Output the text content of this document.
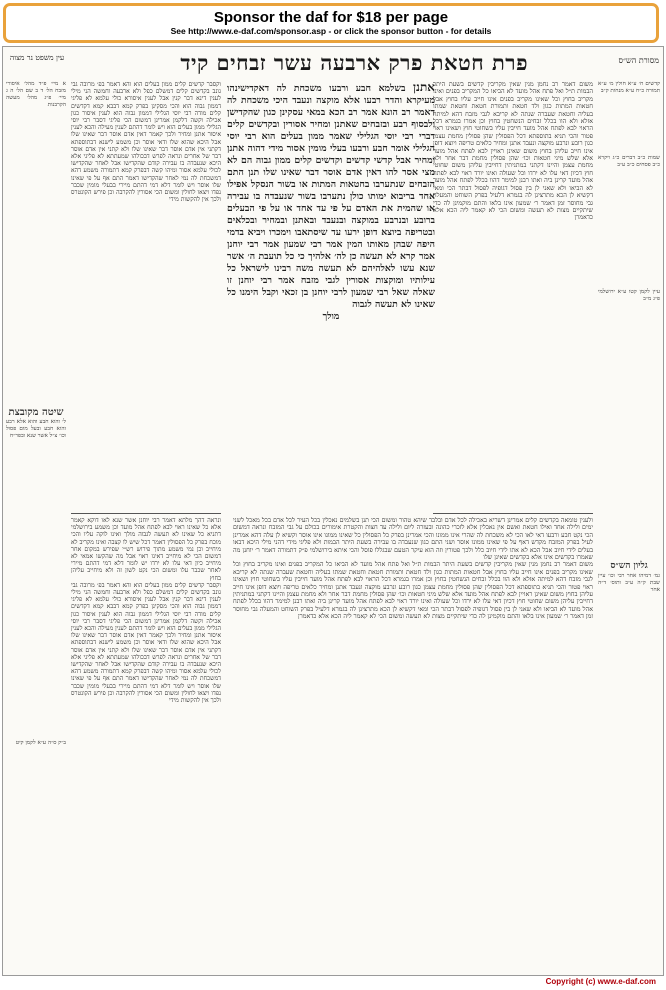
Sponsor the daf for $18 per page
See http://www.e-daf.com/sponsor.asp - or click the sponsor button - for details
מסורת הש״ס
פרת חטאת פרק ארבעה עשר זבחים קיד
עין משפט נר מצוה

קדשים ח׳ ע״א חולין מ׳ ע״א תמורה כ״ח ע״א מנחות ק״ב

שמות כ״ב דברים כ״ג ויקרא כ״ב פסחים כ״ב ע״ב

עיין לקמן קטו ע״א ירושלמי פ״ג מ״ב

גליון הש״ס

גמ׳ דמיהו אחר רבי וכו׳ עיין שבת ק״ה ע״ב ותוס׳ ד״ה אחר

א מיי׳ פ״ד מהל׳ איסורי מזבח הל׳ ד ב שם הל׳ ה ג מיי׳ פ״ג מהל׳ מעשה הקרבנות

שיטה מקובצת

ל׳ והוא חבע והוא אלא רבע והוא חבע ובעל מום פסול וכו׳ צ״ל אשר שנא ובפר״ח

ב״ק ס״ה ע״א לקמן קיט

משום דאמר רב נחמן מנין שאין מקריבין קדשים בשעת היתר הבמות ת״ל ואל פתח אהל מועד לא הביאו כל המקריב בפנים ואינו מקריב בחוץ וכל שאינו מקריב בפנים אינו חייב עליו בחוץ אבל חטאות המתות כגון ולד חטאת ותמורת חטאת וחטאת שמתו בעליה וחטאת שעברה שנתה לא קריבא לגבי מזבח דהא למיתה אזלא ולא הוו בכלל זבחים הנשחטין בחוץ וכן אמרו בגמרא דכל הראוי לבא לפתח אהל מועד חייבין עליו בשחוטי חוץ ושאינו ראוי פטור והכי תניא בתוספתא דכל הפסולין שהן פסולין מחמת עצמן כגון רובע ונרבע מוקצה ונעבד אתנן ומחיר כלאים טריפה ויוצא דופן אינו חייב עליהן בחוץ משום שאינן ראויין לבא לפתח אהל מועד אלא שלש מיני חטאות וכו׳ שהן פסולין מחמת דבר אחר ולא מחמת עצמן והיינו דקתני במתניתין דחייבין עליהן משום שחוטי חוץ דכיון דאי עלו לא ירדו וכל שעולה ואינו יורד ראוי לבא לפתח אהל מועד קרינן ביה ואתו רבנן למימר דהוו בכלל לפתח אהל מועד לא הביאו ולא שאני לן בין פסול דגופיה לפסול דבתר הכי ומאי דקשיא לן הכא מתרצינן לה בגמרא דלעיל בפרק השוחט והמעלה גבי מחוסר זמן דאמר ר׳ שמעון אינו בלאו והתם מוקמינן לה כדי שיתקיים מצות לא תעשה ומשום הכי לא קאמר ליה הכא אלא כדאמרן

וקסבר קדשים קלים ממון בעלים הוא והא דאמר בפ׳ מרובה גבי גונב בקדשים קלים דמשלם כפל ולא ארבעה וחמשה הני מילי לענין דינא דבר קנין אבל לענין איסורא כולי עלמא לא פליגי דממון גבוה הוא והכי מסקינן בפרק קמא דבבא קמא דקדשים קלים מודה רבי יוסי הגלילי דממון גבוה הוא לענין איסור כגון אכילה וקשה דלקמן אמרינן דמשום הכי פליגי דסבר רבי יוסי הגלילי ממון בעלים הוא ויש לומר דהתם לענין מעילה והכא לענין איסור אתנן ומחיר ולכך קאמר דאין אדם אוסר דבר שאינו שלו אבל היכא שהוא שלו ודאי אוסר וכן משמע לישנא דבתוספתא דקתני אין אדם אוסר דבר שאינו שלו ולא קתני אין אדם אוסר דבר של אחרים ונראה לפרש דבכולהו שמעתתא לא פליגי אלא היכא שנעבדה בו עבירה קודם שהקדישו אבל לאחר שהקדישו לכולי עלמא אסור ומיהו קשה דבפרק קמא דתמורה משמע דהא דמשכחת לה נמי לאחר שהקדישו דאמר התם אף על פי שאינו שלו אוסר ויש לומר דלא דמי דהתם מיירי בבעלי מומין שכבר נפדו ויצאו לחולין ומשום הכי אסורין להקרבה וכן פירש הקונטרס ולכך אין להקשות מידי

אתנן בשלמא חבע ורבעו משכחת לה דאקדישינהו מעיקרא והדר רבעו אלא מוקצה ונעבד היכי משכחת לה דאמר רב הונא אמר רב הכא במאי עסקינן כגון שהקדישן ולבסוף רבע ובזבחים שאתנן ומחיר אסורין ובקדשים קלים דברי רבי יוסי הגלילי שאמר ממון בעלים הוא רבי יוסי הגלילי אומר חבע ורבעו בעלי מומין אסור מידי דהוה אתנן ומחיר אבל קדשי קדשים וקדשים קלים ממון גבוה הם לא מצי אסר להו דאין אדם אוסר דבר שאינו שלו תנן התם הזבחים שנתערבו בחטאות המתות או בשור הנסקל אפילו אחד בריבוא ימותו כולן נתערבו בשור שנעבדה בו עבירה או שהמית את האדם על פי עד אחד או על פי הבעלים ברובע ובנרבע במוקצה ובנעבד ובאתנן ובמחיר ובכלאים ובטריפה ביוצא דופן ירעו עד שיסתאבו וימכרו ויביא בדמי היפה שבהן מאותו המין אמר רבי שמעון אמר רבי יוחנן אמר קרא לא תעשה כן לה׳ אלהיך כי כל תועבת ה׳ אשר שנא עשו לאלהיהם לא תעשה משה רבינו לישראל כל עילותיו ומוקצות אסורין לגבי מזבח אמר רבי יוחנן זו שאלה שאל רבי שמעון לרבי יוחנן בן זכאי וקבל הימנו כל שאינו לא תעשה לגבוה
מולך

ולענין טומאה בקדשים קלים אמרינן דשריא באכילה לכל אדם ובלבד שיהא טהור ומשום הכי תנן בשלמים נאכלין בכל העיר לכל אדם בכל מאכל לשני ימים ולילה אחד ואילו חטאת ואשם אין נאכלין אלא לזכרי כהונה ובעזרה ליום ולילה עד חצות והקטרת אימורים בכולם על גבי המזבח ונראה דמשום הכי נקט חבע ורבעו דאי לאו הכי לא משכחת לה שהרי אינו ממונו והכי אמרינן בפרק כל הפסולין כל שאינו ממונו אינו אוסר וקשיא לן עלה דהא אמרינן לעיל בפרק המזבח מקדש דאף על פי שאינו ממונו אוסר ושני התם כגון שנעבדה בו עבירה בשעת היתר הבמות ולא פליגי מידי דהני מילי היכא דבאו בעלים לידי חיוב אבל הכא לא אתו לידי חיוב כלל ולכך פטורין וזה הוא עיקר הטעם שבגללו פוסל והכי איתא בירושלמי פ״ק דתמורה דאמר ר׳ יוחנן מה שאמרו בקדשים אינו אלא בקדשים שאינן שלו

משום דאמר רב נחמן מנין שאין מקריבין קדשים בשעת היתר הבמות ת״ל ואל פתח אהל מועד לא הביאו כל המקריב בפנים ואינו מקריב בחוץ וכל שאינו מקריב בפנים אינו חייב עליו בחוץ אבל חטאות המתות כגון ולד חטאת ותמורת חטאת וחטאת שמתו בעליה וחטאת שעברה שנתה לא קריבא לגבי מזבח דהא למיתה אזלא ולא הוו בכלל זבחים הנשחטין בחוץ וכן אמרו בגמרא דכל הראוי לבא לפתח אהל מועד חייבין עליו בשחוטי חוץ ושאינו ראוי פטור והכי תניא בתוספתא דכל הפסולין שהן פסולין מחמת עצמן כגון רובע ונרבע מוקצה ונעבד אתנן ומחיר כלאים טריפה ויוצא דופן אינו חייב עליהן בחוץ משום שאינן ראויין לבא לפתח אהל מועד אלא שלש מיני חטאות וכו׳ שהן פסולין מחמת דבר אחר ולא מחמת עצמן והיינו דקתני במתניתין דחייבין עליהן משום שחוטי חוץ דכיון דאי עלו לא ירדו וכל שעולה ואינו יורד ראוי לבא לפתח אהל מועד קרינן ביה ואתו רבנן למימר דהוו בכלל לפתח אהל מועד לא הביאו ולא שאני לן בין פסול דגופיה לפסול דבתר הכי ומאי דקשיא לן הכא מתרצינן לה בגמרא דלעיל בפרק השוחט והמעלה גבי מחוסר זמן דאמר ר׳ שמעון אינו בלאו והתם מוקמינן לה כדי שיתקיים מצות לא תעשה ומשום הכי לא קאמר ליה הכא אלא כדאמרן

ונראה דהך מלתא דאמר רבי יוחנן אשר שנא לאו דוקא קאמר אלא כל שאינו ראוי לבא לפתח אהל מועד וכן משמע בירושלמי דתניא כל שאינו לא תעשה לגבוה מולך ואינו לוקה עליו והכי מוכח בפרק כל הפסולין דאמר דכל שיש לו קצבה ואינו מקריב לא מיחייב וכן נמי משמע מתוך פירוש רש״י שפירש במקום אחר דמשום הכי לא מיחייב דאינו ראוי אבל מה שהקשו אמאי לא מיחייב כיון דאי עלו לא ירדו יש לומר דלא דמי דהתם מיירי לאחר שכבר עלו ומשום הכי נקט לשון זה ולא מיחייב עליהן בחוץ

וקסבר קדשים קלים ממון בעלים הוא והא דאמר בפ׳ מרובה גבי גונב בקדשים קלים דמשלם כפל ולא ארבעה וחמשה הני מילי לענין דינא דבר קנין אבל לענין איסורא כולי עלמא לא פליגי דממון גבוה הוא והכי מסקינן בפרק קמא דבבא קמא דקדשים קלים מודה רבי יוסי הגלילי דממון גבוה הוא לענין איסור כגון אכילה וקשה דלקמן אמרינן דמשום הכי פליגי דסבר רבי יוסי הגלילי ממון בעלים הוא ויש לומר דהתם לענין מעילה והכא לענין איסור אתנן ומחיר ולכך קאמר דאין אדם אוסר דבר שאינו שלו אבל היכא שהוא שלו ודאי אוסר וכן משמע לישנא דבתוספתא דקתני אין אדם אוסר דבר שאינו שלו ולא קתני אין אדם אוסר דבר של אחרים ונראה לפרש דבכולהו שמעתתא לא פליגי אלא היכא שנעבדה בו עבירה קודם שהקדישו אבל לאחר שהקדישו לכולי עלמא אסור ומיהו קשה דבפרק קמא דתמורה משמע דהא דמשכחת לה נמי לאחר שהקדישו דאמר התם אף על פי שאינו שלו אוסר ויש לומר דלא דמי דהתם מיירי בבעלי מומין שכבר נפדו ויצאו לחולין ומשום הכי אסורין להקרבה וכן פירש הקונטרס ולכך אין להקשות מידי

Copyright (c) www.e-daf.com
